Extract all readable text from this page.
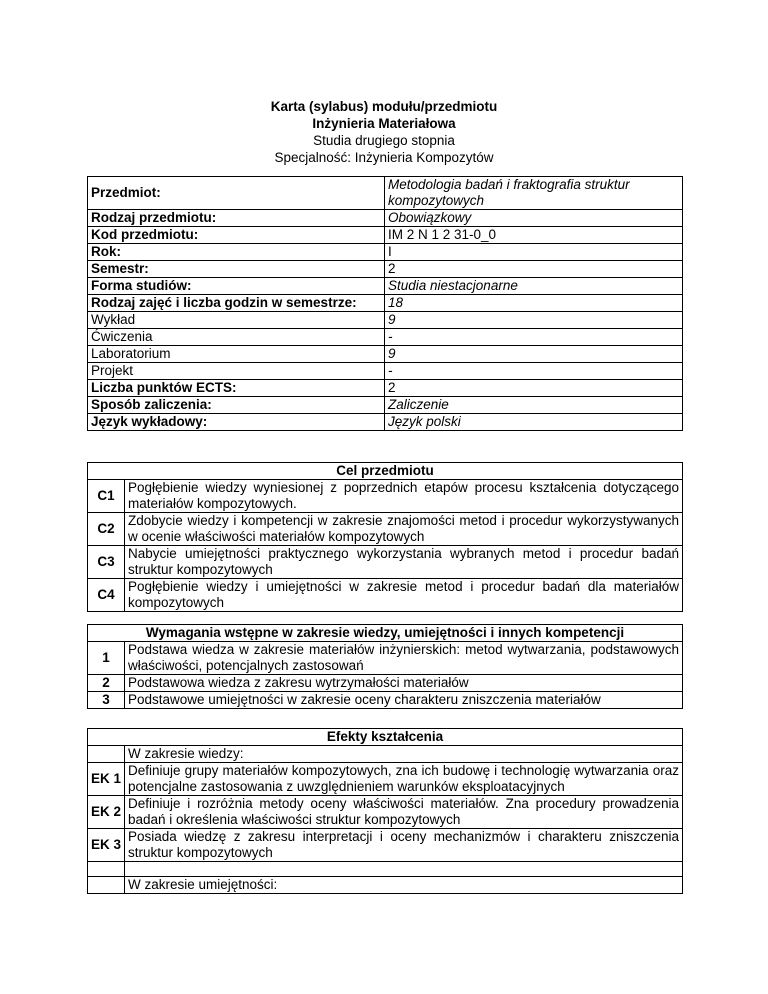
Karta (sylabus) modułu/przedmiotu
Inżynieria Materiałowa
Studia drugiego stopnia
Specjalność: Inżynieria Kompozytów
Przedmiot:	Metodologia badań i fraktografia struktur kompozytowych
Rodzaj przedmiotu:	Obowiązkowy
Kod przedmiotu:	IM 2 N 1 2 31-0_0
Rok:	I
Semestr:	2
Forma studiów:	Studia niestacjonarne
Rodzaj zajęć i liczba godzin w semestrze:	18
Wykład	9
Ćwiczenia	-
Laboratorium	9
Projekt	-
Liczba punktów ECTS:	2
Sposób zaliczenia:	Zaliczenie
Język wykładowy:	Język polski
Cel przedmiotu	
C1	Pogłębienie wiedzy wyniesionej z poprzednich etapów procesu kształcenia dotyczącego materiałów kompozytowych.
C2	Zdobycie wiedzy i kompetencji w zakresie znajomości metod i procedur wykorzystywanych w ocenie właściwości materiałów kompozytowych
C3	Nabycie umiejętności praktycznego wykorzystania wybranych metod i procedur badań struktur kompozytowych
C4	Pogłębienie wiedzy i umiejętności w zakresie metod i procedur badań dla materiałów kompozytowych
Wymagania wstępne w zakresie wiedzy, umiejętności i innych kompetencji	
1	Podstawa wiedza w zakresie materiałów inżynierskich: metod wytwarzania, podstawowych właściwości, potencjalnych zastosowań
2	Podstawowa wiedza z zakresu wytrzymałości materiałów
3	Podstawowe umiejętności w zakresie oceny charakteru zniszczenia materiałów
Efekty kształcenia	
	W zakresie wiedzy:
EK 1	Definiuje grupy materiałów kompozytowych, zna ich budowę i technologię wytwarzania oraz potencjalne zastosowania z uwzględnieniem warunków eksploatacyjnych
EK 2	Definiuje i rozróżnia metody oceny właściwości materiałów. Zna procedury prowadzenia badań i określenia właściwości struktur kompozytowych
EK 3	Posiada wiedzę z zakresu interpretacji i oceny mechanizmów i charakteru zniszczenia struktur kompozytowych

	W zakresie umiejętności:
